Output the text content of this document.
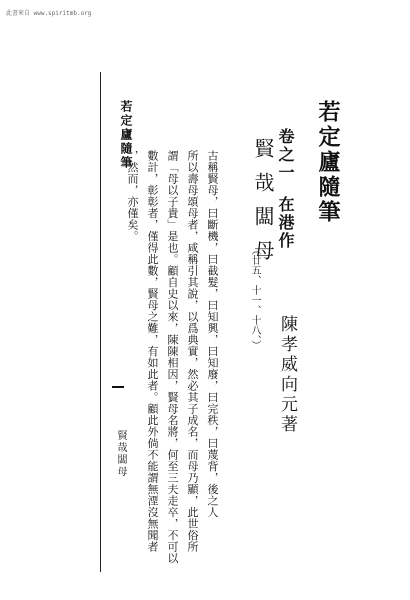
此書來自 www.spiritmb.org
若定廬隨筆
賢哉闆母
若定廬隨筆
卷之一在港作
賢哉闆母
（廿五、十一、十八、）
陳孝威向元著
古稱賢母，曰斷機，曰截髮，曰知興，曰知廢，曰完秩，曰蔑背，後之人
所以壽母頌母者，咸稱引其說，以爲典實，然必其子成名，而母乃顯，此世俗所
謂「母以子貴」是也。顧自史以來，陳陳相因，賢母名將，何至三夫走卒，不可以
數計，彰彰者，僅得此數，賢母之難，有如此者。顧此外倘不能謂無湮沒無聞者
，然而，亦僅矣。
